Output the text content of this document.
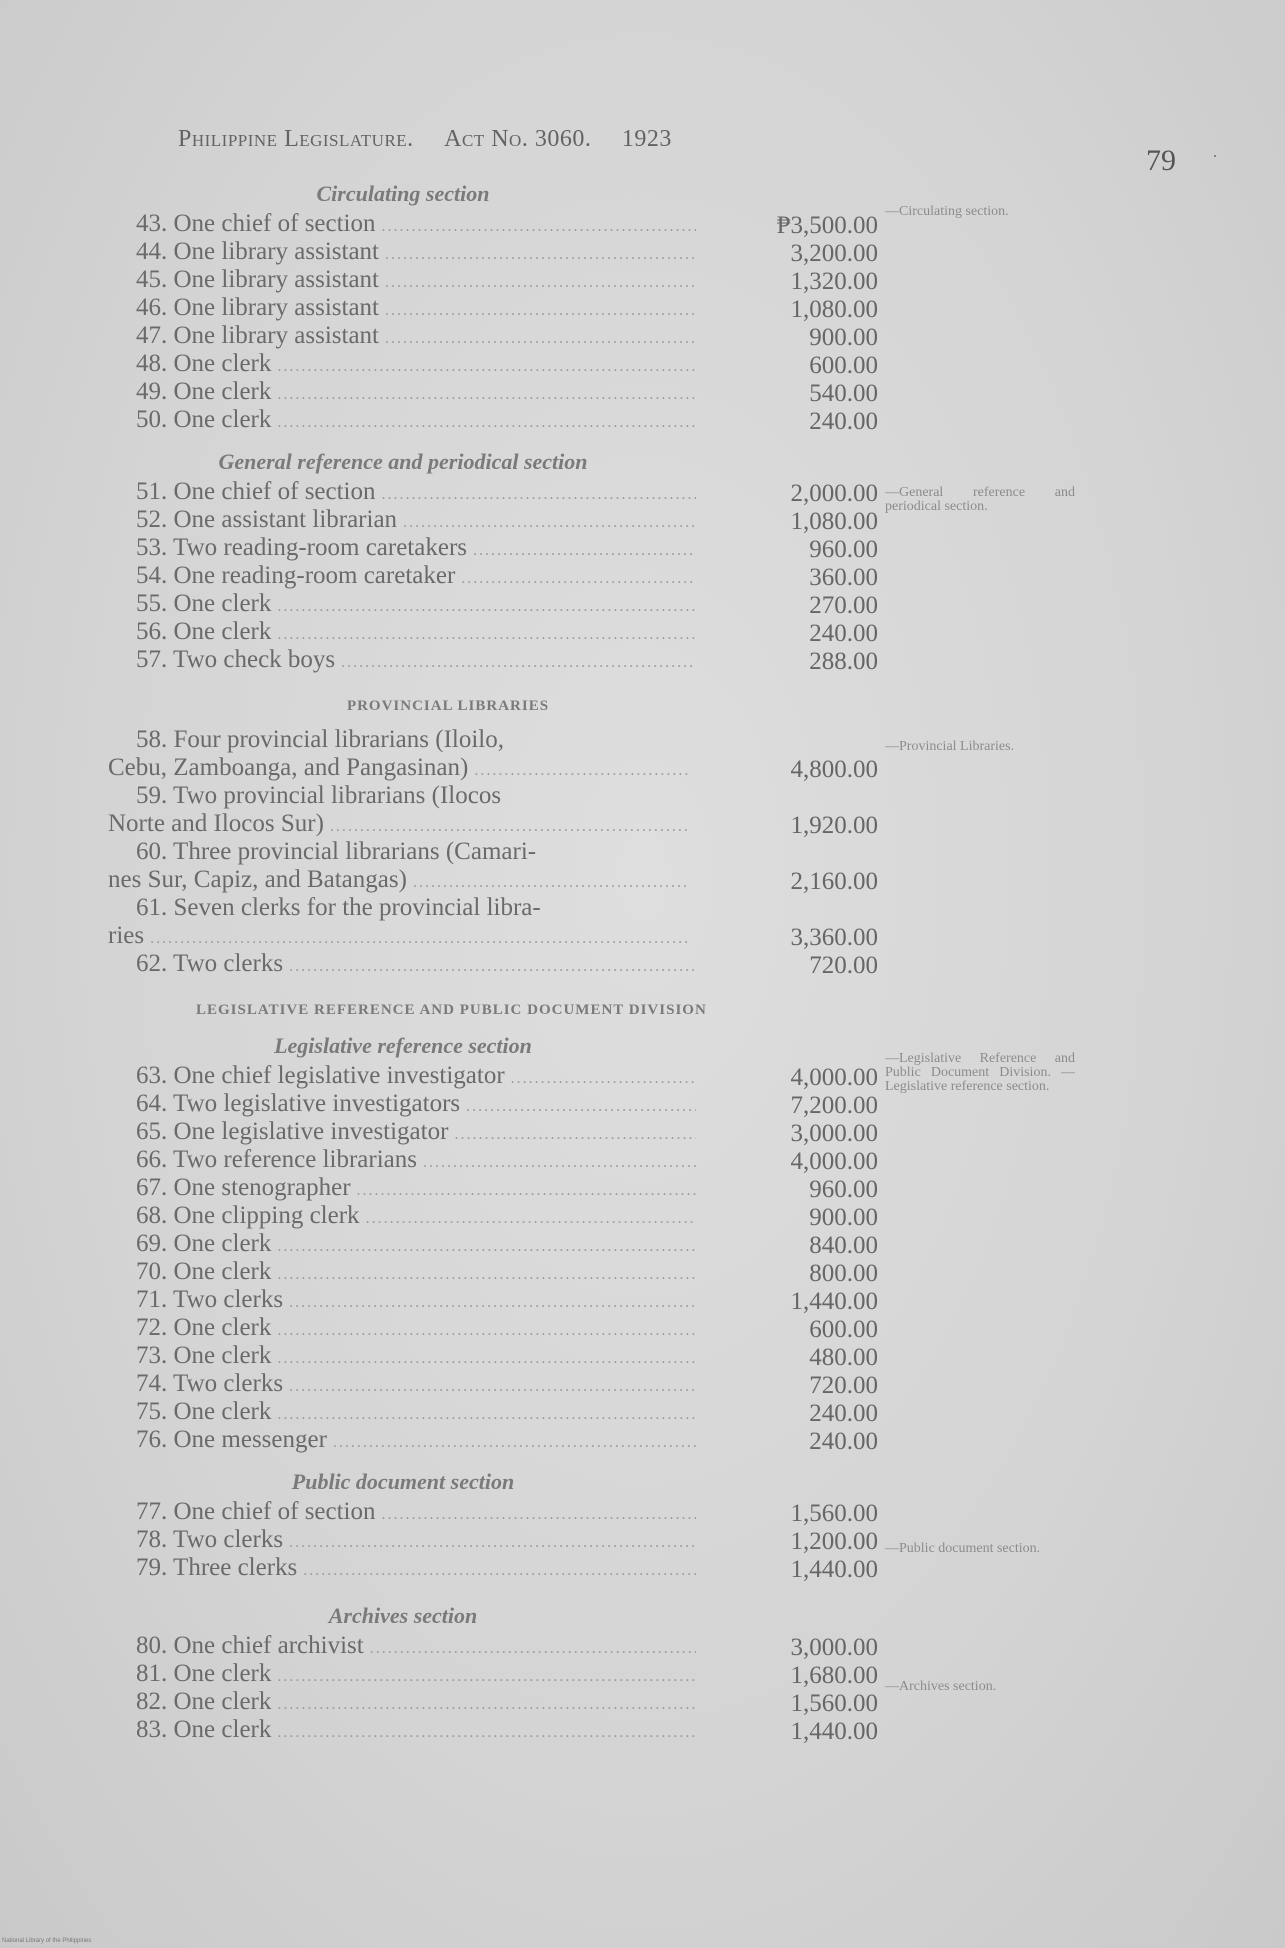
Philippine Legislature. Act No. 3060. 1923
79 ·
—Circulating section.
—General reference and periodical section.
—Provincial Libraries.
—Legislative Reference and Public Document Division. —Legislative reference section.
—Public document section.
—Archives section.
Circulating section
43. One chief of section .....	₱3,500.00
44. One library assistant .....	3,200.00
45. One library assistant .....	1,320.00
46. One library assistant .....	1,080.00
47. One library assistant .....	900.00
48. One clerk .....	600.00
49. One clerk .....	540.00
50. One clerk .....	240.00
General reference and periodical section
51. One chief of section .....	2,000.00
52. One assistant librarian .....	1,080.00
53. Two reading-room caretakers .....	960.00
54. One reading-room caretaker .....	360.00
55. One clerk .....	270.00
56. One clerk .....	240.00
57. Two check boys .....	288.00
PROVINCIAL LIBRARIES
58. Four provincial librarians (Iloilo,
Cebu, Zamboanga, and Pangasinan) .....	4,800.00
59. Two provincial librarians (Ilocos
Norte and Ilocos Sur) .....	1,920.00
60. Three provincial librarians (Camari-
nes Sur, Capiz, and Batangas) .....	2,160.00
61. Seven clerks for the provincial libra-
ries .....	3,360.00
62. Two clerks .....	720.00
LEGISLATIVE REFERENCE AND PUBLIC DOCUMENT DIVISION
Legislative reference section
63. One chief legislative investigator .....	4,000.00
64. Two legislative investigators .....	7,200.00
65. One legislative investigator .....	3,000.00
66. Two reference librarians .....	4,000.00
67. One stenographer .....	960.00
68. One clipping clerk .....	900.00
69. One clerk .....	840.00
70. One clerk .....	800.00
71. Two clerks .....	1,440.00
72. One clerk .....	600.00
73. One clerk .....	480.00
74. Two clerks .....	720.00
75. One clerk .....	240.00
76. One messenger .....	240.00
Public document section
77. One chief of section .....	1,560.00
78. Two clerks .....	1,200.00
79. Three clerks .....	1,440.00
Archives section
80. One chief archivist .....	3,000.00
81. One clerk .....	1,680.00
82. One clerk .....	1,560.00
83. One clerk .....	1,440.00
National Library of the Philippines
